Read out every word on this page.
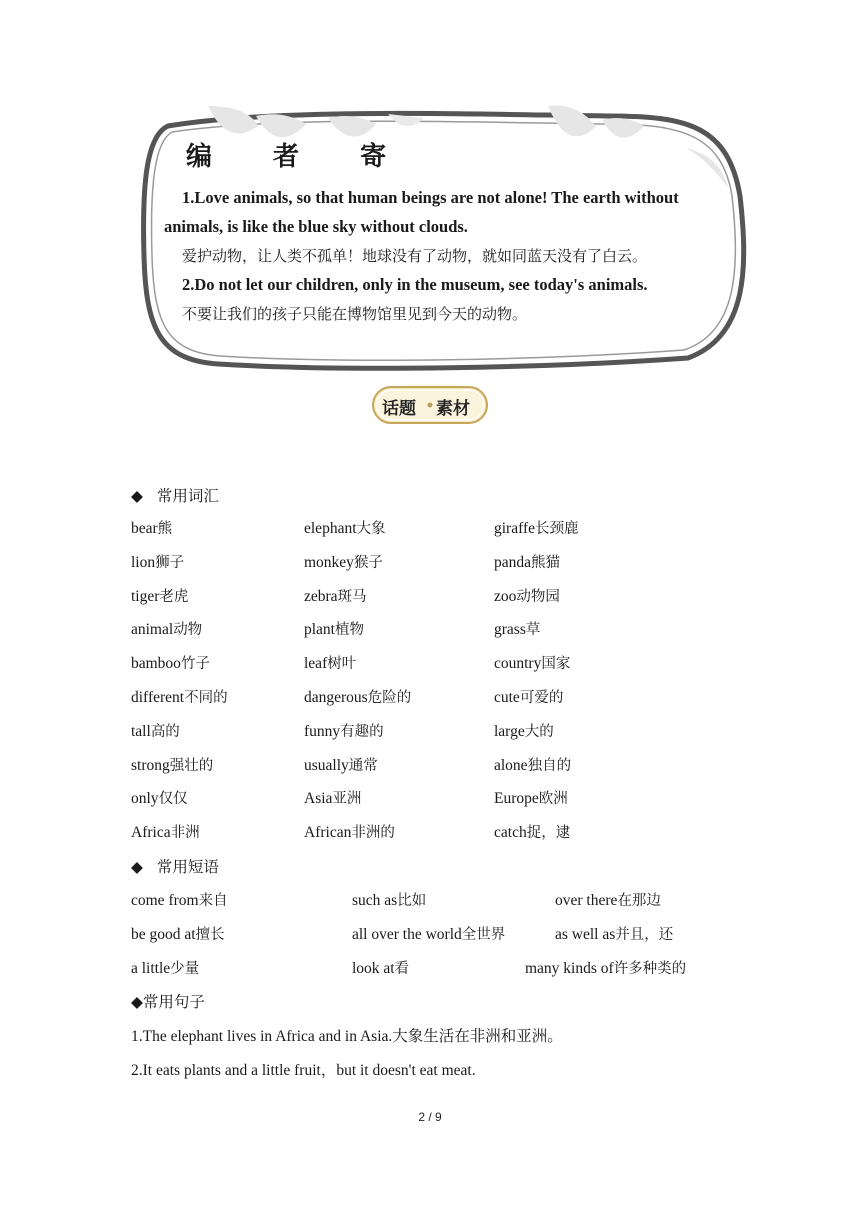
编 者 寄
1.Love animals, so that human beings are not alone! The earth without
animals, is like the blue sky without clouds.
爱护动物，让人类不孤单！地球没有了动物，就如同蓝天没有了白云。
2.Do not let our children, only in the museum, see today's animals.
不要让我们的孩子只能在博物馆里见到今天的动物。
话题 素材
◆ 常用词汇
bear熊	elephant大象	giraffe长颈鹿
lion狮子	monkey猴子	panda熊猫
tiger老虎	zebra斑马	zoo动物园
animal动物	plant植物	grass草
bamboo竹子	leaf树叶	country国家
different不同的	dangerous危险的	cute可爱的
tall高的	funny有趣的	large大的
strong强壮的	usually通常	alone独自的
only仅仅	Asia亚洲	Europe欧洲
Africa非洲	African非洲的	catch捉，逮
◆ 常用短语
come from来自	such as比如	over there在那边
be good at擅长	all over the world全世界	as well as并且，还
a little少量	look at看	many kinds of许多种类的
◆常用句子
1.The elephant lives in Africa and in Asia.大象生活在非洲和亚洲。
2.It eats plants and a little fruit，but it doesn't eat meat.
2 / 9
